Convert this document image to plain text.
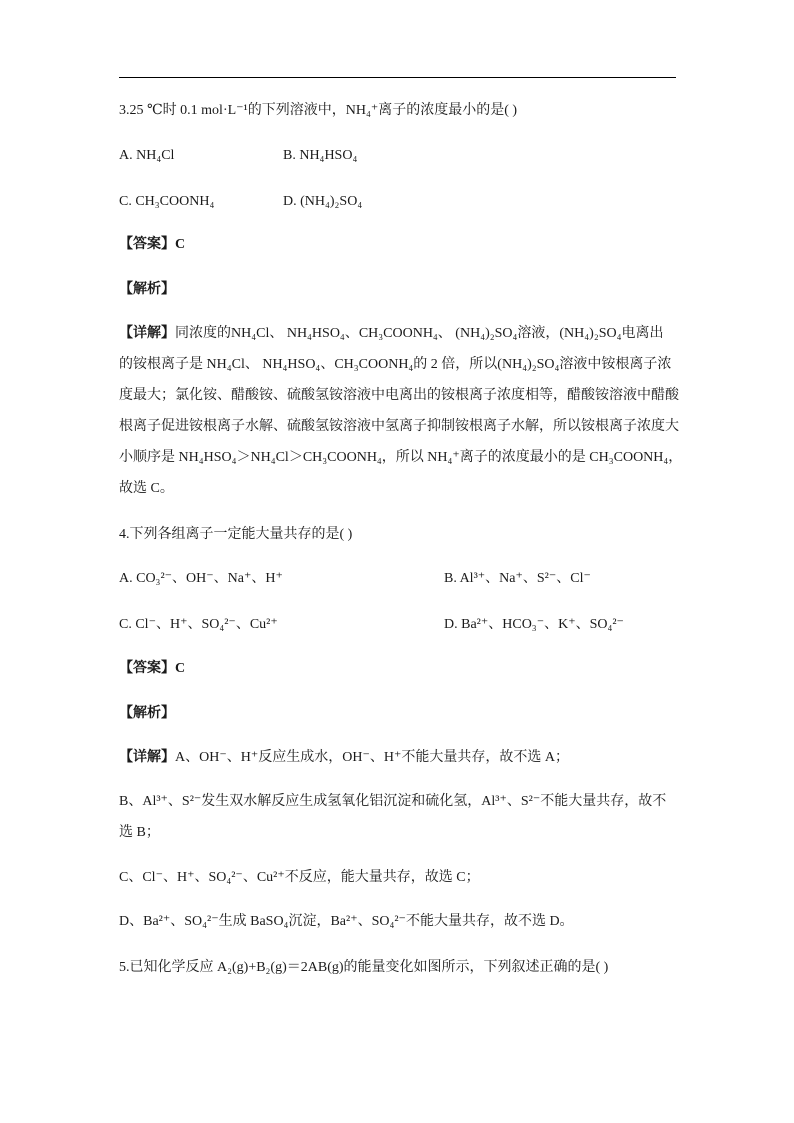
3.25 ℃时 0.1 mol·L⁻¹的下列溶液中，NH₄⁺离子的浓度最小的是( )
A. NH₄Cl	B. NH₄HSO₄
C. CH₃COONH₄	D. (NH₄)₂SO₄
【答案】C
【解析】
【详解】同浓度的NH₄Cl、 NH₄HSO₄、CH₃COONH₄、 (NH₄)₂SO₄溶液，(NH₄)₂SO₄电离出
的铵根离子是 NH₄Cl、 NH₄HSO₄、CH₃COONH₄的 2 倍，所以(NH₄)₂SO₄溶液中铵根离子浓
度最大；氯化铵、醋酸铵、硫酸氢铵溶液中电离出的铵根离子浓度相等，醋酸铵溶液中醋酸
根离子促进铵根离子水解、硫酸氢铵溶液中氢离子抑制铵根离子水解，所以铵根离子浓度大
小顺序是 NH₄HSO₄＞NH₄Cl＞CH₃COONH₄，所以 NH₄⁺离子的浓度最小的是 CH₃COONH₄，
故选 C。
4.下列各组离子一定能大量共存的是( )
A. CO₃²⁻、OH⁻、Na⁺、H⁺	B. Al³⁺、Na⁺、S²⁻、Cl⁻
C. Cl⁻、H⁺、SO₄²⁻、Cu²⁺	D. Ba²⁺、HCO₃⁻、K⁺、SO₄²⁻
【答案】C
【解析】
【详解】A、OH⁻、H⁺反应生成水，OH⁻、H⁺不能大量共存，故不选 A；
B、Al³⁺、S²⁻发生双水解反应生成氢氧化铝沉淀和硫化氢，Al³⁺、S²⁻不能大量共存，故不
选 B；
C、Cl⁻、H⁺、SO₄²⁻、Cu²⁺不反应，能大量共存，故选 C；
D、Ba²⁺、SO₄²⁻生成 BaSO₄沉淀，Ba²⁺、SO₄²⁻不能大量共存，故不选 D。
5.已知化学反应 A₂(g)+B₂(g)＝2AB(g)的能量变化如图所示，下列叙述正确的是( )
